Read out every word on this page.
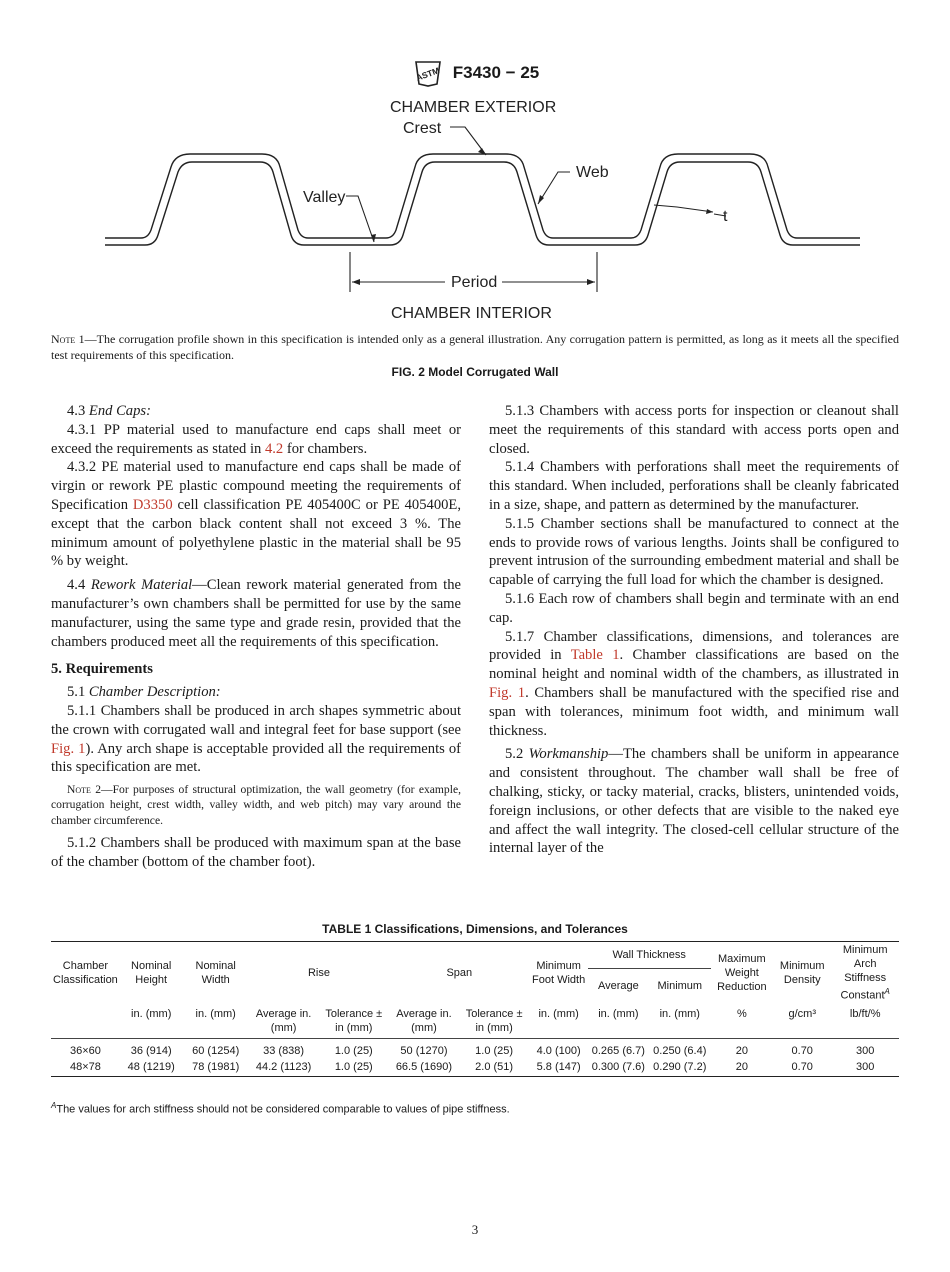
ASTM F3430 − 25
CHAMBER EXTERIOR
Crest
Web
Valley
t
Period
CHAMBER INTERIOR
Note 1—The corrugation profile shown in this specification is intended only as a general illustration. Any corrugation pattern is permitted, as long as it meets all the specified test requirements of this specification.
FIG. 2 Model Corrugated Wall

4.3 End Caps:

4.3.1 PP material used to manufacture end caps shall meet or exceed the requirements as stated in 4.2 for chambers.

4.3.2 PE material used to manufacture end caps shall be made of virgin or rework PE plastic compound meeting the requirements of Specification D3350 cell classification PE 405400C or PE 405400E, except that the carbon black content shall not exceed 3 %. The minimum amount of polyethylene plastic in the material shall be 95 % by weight.

4.4 Rework Material—Clean rework material generated from the manufacturer’s own chambers shall be permitted for use by the same manufacturer, using the same type and grade resin, provided that the chambers produced meet all the requirements of this specification.

5. Requirements

5.1 Chamber Description:

5.1.1 Chambers shall be produced in arch shapes symmetric about the crown with corrugated wall and integral feet for base support (see Fig. 1). Any arch shape is acceptable provided all the requirements of this specification are met.

Note 2—For purposes of structural optimization, the wall geometry (for example, corrugation height, crest width, valley width, and web pitch) may vary around the chamber circumference.

5.1.2 Chambers shall be produced with maximum span at the base of the chamber (bottom of the chamber foot).

5.1.3 Chambers with access ports for inspection or cleanout shall meet the requirements of this standard with access ports open and closed.

5.1.4 Chambers with perforations shall meet the requirements of this standard. When included, perforations shall be cleanly fabricated in a size, shape, and pattern as determined by the manufacturer.

5.1.5 Chamber sections shall be manufactured to connect at the ends to provide rows of various lengths. Joints shall be configured to prevent intrusion of the surrounding embedment material and shall be capable of carrying the full load for which the chamber is designed.

5.1.6 Each row of chambers shall begin and terminate with an end cap.

5.1.7 Chamber classifications, dimensions, and tolerances are provided in Table 1. Chamber classifications are based on the nominal height and nominal width of the chambers, as illustrated in Fig. 1. Chambers shall be manufactured with the specified rise and span with tolerances, minimum foot width, and minimum wall thickness.

5.2 Workmanship—The chambers shall be uniform in appearance and consistent throughout. The chamber wall shall be free of chalking, sticky, or tacky material, cracks, blisters, unintended voids, foreign inclusions, or other defects that are visible to the naked eye and affect the wall integrity. The closed-cell cellular structure of the internal layer of the

TABLE 1 Classifications, Dimensions, and Tolerances
Chamber Classification	Nominal Height	Nominal Width	Rise		Span		Minimum Foot Width	Wall Thickness		Maximum Weight Reduction	Minimum Density	Minimum Arch Stiffness Constant$^A$
								Average	Minimum			
	in. (mm)	in. (mm)	Average in. (mm)	Tolerance ± in (mm)	Average in. (mm)	Tolerance ± in (mm)	in. (mm)	in. (mm)	in. (mm)	%	g/cm³	lb/ft/%
36×60	36 (914)	60 (1254)	33 (838)	1.0 (25)	50 (1270)	1.0 (25)	4.0 (100)	0.265 (6.7)	0.250 (6.4)	20	0.70	300
48×78	48 (1219)	78 (1981)	44.2 (1123)	1.0 (25)	66.5 (1690)	2.0 (51)	5.8 (147)	0.300 (7.6)	0.290 (7.2)	20	0.70	300
$^A$The values for arch stiffness should not be considered comparable to values of pipe stiffness.
3
